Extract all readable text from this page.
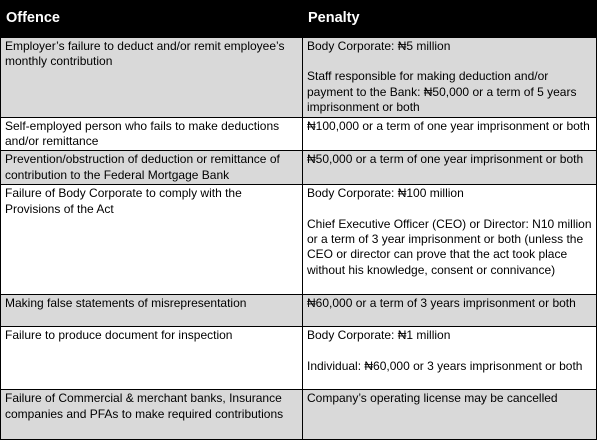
Offence	Penalty
Employer’s failure to deduct and/or remit employee’s monthly contribution	Body Corporate: ₦5 million
Staff responsible for making deduction and/or payment to the Bank: ₦50,000 or a term of 5 years imprisonment or both

Self-employed person who fails to make deductions and/or remittance	₦100,000 or a term of one year imprisonment or both

Prevention/obstruction of deduction or remittance of contribution to the Federal Mortgage Bank	₦50,000 or a term of one year imprisonment or both

Failure of Body Corporate to comply with the Provisions of the Act	Body Corporate: ₦100 million
Chief Executive Officer (CEO) or Director: N10 million or a term of 3 year imprisonment or both (unless the CEO or director can prove that the act took place without his knowledge, consent or connivance)

Making false statements of misrepresentation	₦60,000 or a term of 3 years imprisonment or both

Failure to produce document for inspection	Body Corporate: ₦1 million
Individual: ₦60,000 or 3 years imprisonment or both

Failure of Commercial & merchant banks, Insurance companies and PFAs to make required contributions	Company’s operating license may be cancelled
